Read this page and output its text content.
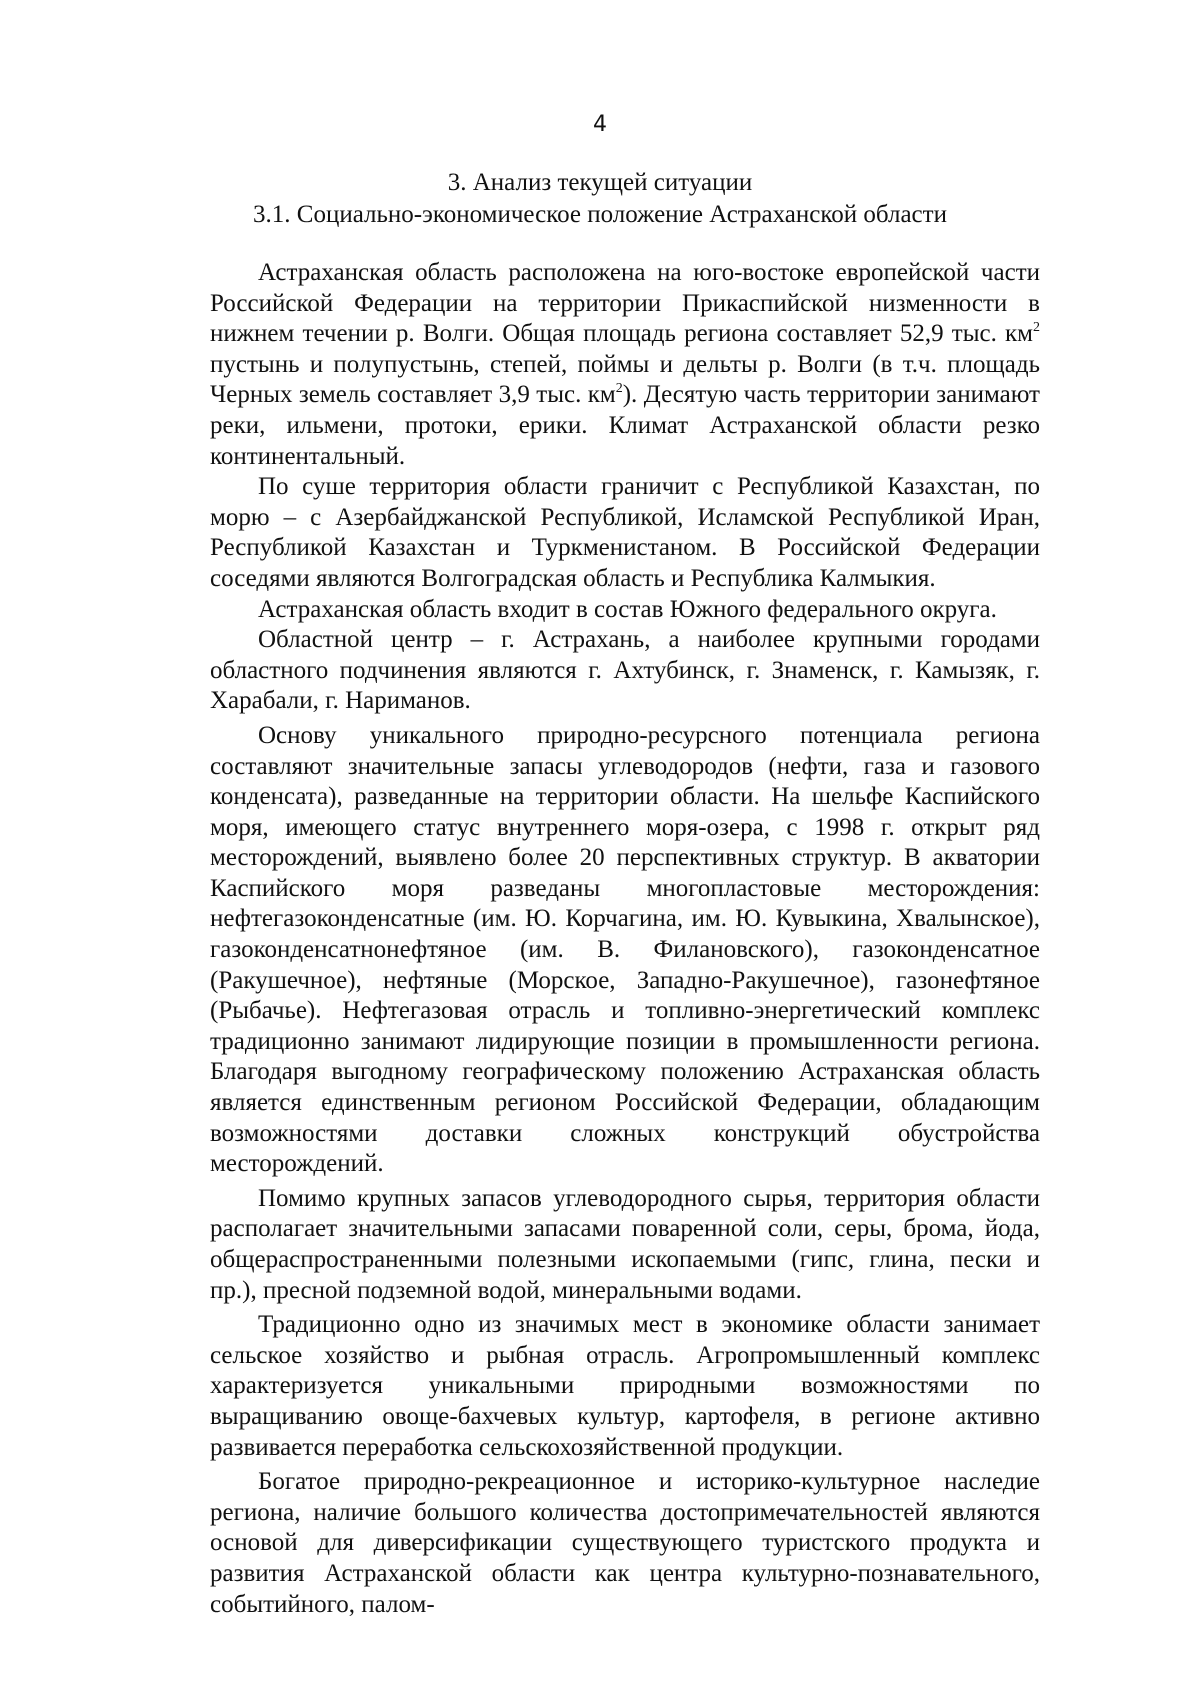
4
3. Анализ текущей ситуации
3.1. Социально-экономическое положение Астраханской области

Астраханская область расположена на юго-востоке европейской части Российской Федерации на территории Прикаспийской низменности в нижнем течении р. Волги. Общая площадь региона составляет 52,9 тыс. $км^2$ пустынь и полупустынь, степей, поймы и дельты р. Волги (в т.ч. площадь Черных земель составляет 3,9 тыс. $км^2$). Десятую часть территории занимают реки, ильмени, протоки, ерики. Климат Астраханской области резко континентальный.

По суше территория области граничит с Республикой Казахстан, по морю – с Азербайджанской Республикой, Исламской Республикой Иран, Республикой Казахстан и Туркменистаном. В Российской Федерации соседями являются Волгоградская область и Республика Калмыкия.

Астраханская область входит в состав Южного федерального округа.

Областной центр – г. Астрахань, а наиболее крупными городами областного подчинения являются г. Ахтубинск, г. Знаменск, г. Камызяк, г. Харабали, г. Нариманов.

Основу уникального природно-ресурсного потенциала региона составляют значительные запасы углеводородов (нефти, газа и газового конденсата), разведанные на территории области. На шельфе Каспийского моря, имеющего статус внутреннего моря-озера, с 1998 г. открыт ряд месторождений, выявлено более 20 перспективных структур. В акватории Каспийского моря разведаны многопластовые месторождения: нефтегазоконденсатные (им. Ю. Корчагина, им. Ю. Кувыкина, Хвалынское), газоконденсатнонефтяное (им. В. Филановского), газоконденсатное (Ракушечное), нефтяные (Морское, Западно-Ракушечное), газонефтяное (Рыбачье). Нефтегазовая отрасль и топливно-энергетический комплекс традиционно занимают лидирующие позиции в промышленности региона. Благодаря выгодному географическому положению Астраханская область является единственным регионом Российской Федерации, обладающим возможностями доставки сложных конструкций обустройства месторождений.

Помимо крупных запасов углеводородного сырья, территория области располагает значительными запасами поваренной соли, серы, брома, йода, общераспространенными полезными ископаемыми (гипс, глина, пески и пр.), пресной подземной водой, минеральными водами.

Традиционно одно из значимых мест в экономике области занимает сельское хозяйство и рыбная отрасль. Агропромышленный комплекс характеризуется уникальными природными возможностями по выращиванию овоще-бахчевых культур, картофеля, в регионе активно развивается переработка сельскохозяйственной продукции.

Богатое природно-рекреационное и историко-культурное наследие региона, наличие большого количества достопримечательностей являются основой для диверсификации существующего туристского продукта и развития Астраханской области как центра культурно-познавательного, событийного, палом-
